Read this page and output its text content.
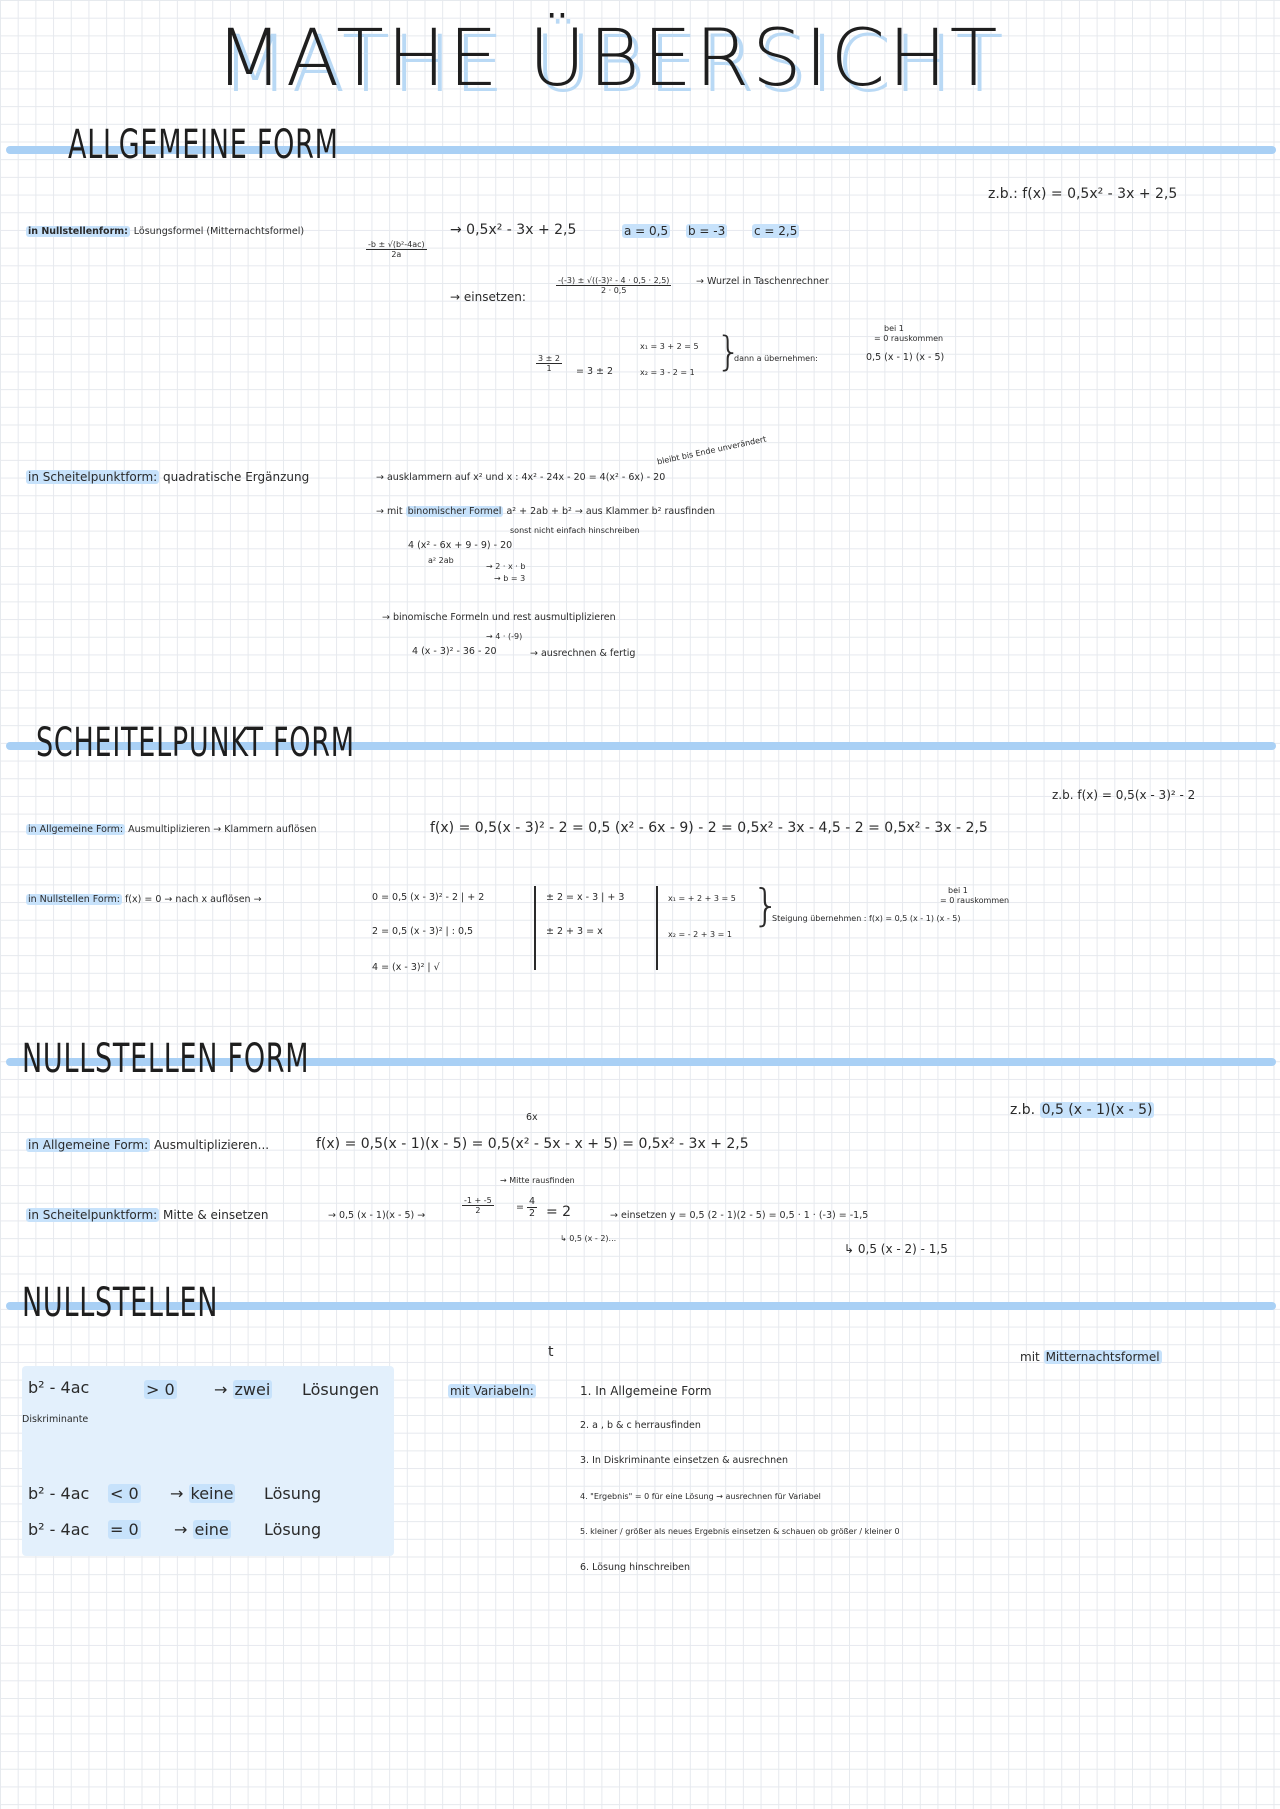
MATHE ÜBERSICHT
ALLGEMEINE FORM
z.b.: f(x) = 0,5x² - 3x + 2,5
in Nullstellenform: Lösungsformel (Mitternachtsformel)
$\frac{\text{-b ± √(b²-4ac)}}{2a}$
→ 0,5x² - 3x + 2,5	a = 0,5 b = -3 c = 2,5
→ einsetzen:
$\frac{\text{-(-3) ± √((-3)² - 4 · 0,5 · 2,5)}}{2 \cdot 0,5}$	→ Wurzel in Taschenrechner
$\frac{3 \pm 2}{1} = 3 \pm 2$
x₁ = 3 + 2 = 5
x₂ = 3 - 2 = 1 }
dann a übernehmen:
bei 1
= 0 rauskommen
0,5 (x - 1) (x - 5)
in Scheitelpunktform: quadratische Ergänzung	→ ausklammern auf x² und x : 4x² - 24x - 20 = 4(x² - 6x) - 20
bleibt bis Ende unverändert
→ mit binomischer Formel a² + 2ab + b² → aus Klammer b² rausfinden
sonst nicht einfach hinschreiben
4 (x² - 6x + 9 - 9) - 20
a² 2ab
→ 2 · x · b
→ b = 3
→ binomische Formeln und rest ausmultiplizieren
→ 4 · (-9)
4 (x - 3)² - 36 - 20	→ ausrechnen & fertig
SCHEITELPUNKT FORM
z.b. f(x) = 0,5(x - 3)² - 2
in Allgemeine Form: Ausmultiplizieren → Klammern auflösen	f(x) = 0,5(x - 3)² - 2 = 0,5 (x² - 6x - 9) - 2 = 0,5x² - 3x - 4,5 - 2 = 0,5x² - 3x - 2,5
in Nullstellen Form: f(x) = 0 → nach x auflösen →	0 = 0,5 (x - 3)² - 2 | + 2
2 = 0,5 (x - 3)² | : 0,5
4 = (x - 3)² | √
± 2 = x - 3 | + 3
± 2 + 3 = x
x₁ = + 2 + 3 = 5
x₂ = - 2 + 3 = 1
}
Steigung übernehmen : f(x) = 0,5 (x - 1) (x - 5)
bei 1
= 0 rauskommen
NULLSTELLEN FORM
z.b. 0,5 (x - 1)(x - 5)
in Allgemeine Form: Ausmultiplizieren...
6x
f(x) = 0,5(x - 1)(x - 5) = 0,5(x² - 5x - x + 5) = 0,5x² - 3x + 2,5
in Scheitelpunktform: Mitte & einsetzen	→ 0,5 (x - 1)(x - 5) →
→ Mitte rausfinden
$\frac{-1 + -5}{2} = \frac{4}{2} = 2$
↳ 0,5 (x - 2)...
→ einsetzen y = 0,5 (2 - 1)(2 - 5) = 0,5 · 1 · (-3) = -1,5
↳ 0,5 (x - 2) - 1,5
NULLSTELLEN
b² - 4ac
Diskriminante
> 0 → zwei Lösungen
b² - 4ac < 0 → keine Lösung
b² - 4ac = 0 → eine Lösung
mit Mitternachtsformel
t
mit Variabeln:	1. In Allgemeine Form
2. a , b & c herrausfinden
3. In Diskriminante einsetzen & ausrechnen
4. "Ergebnis" = 0 für eine Lösung → ausrechnen für Variabel
5. kleiner / größer als neues Ergebnis einsetzen & schauen ob größer / kleiner 0
6. Lösung hinschreiben
